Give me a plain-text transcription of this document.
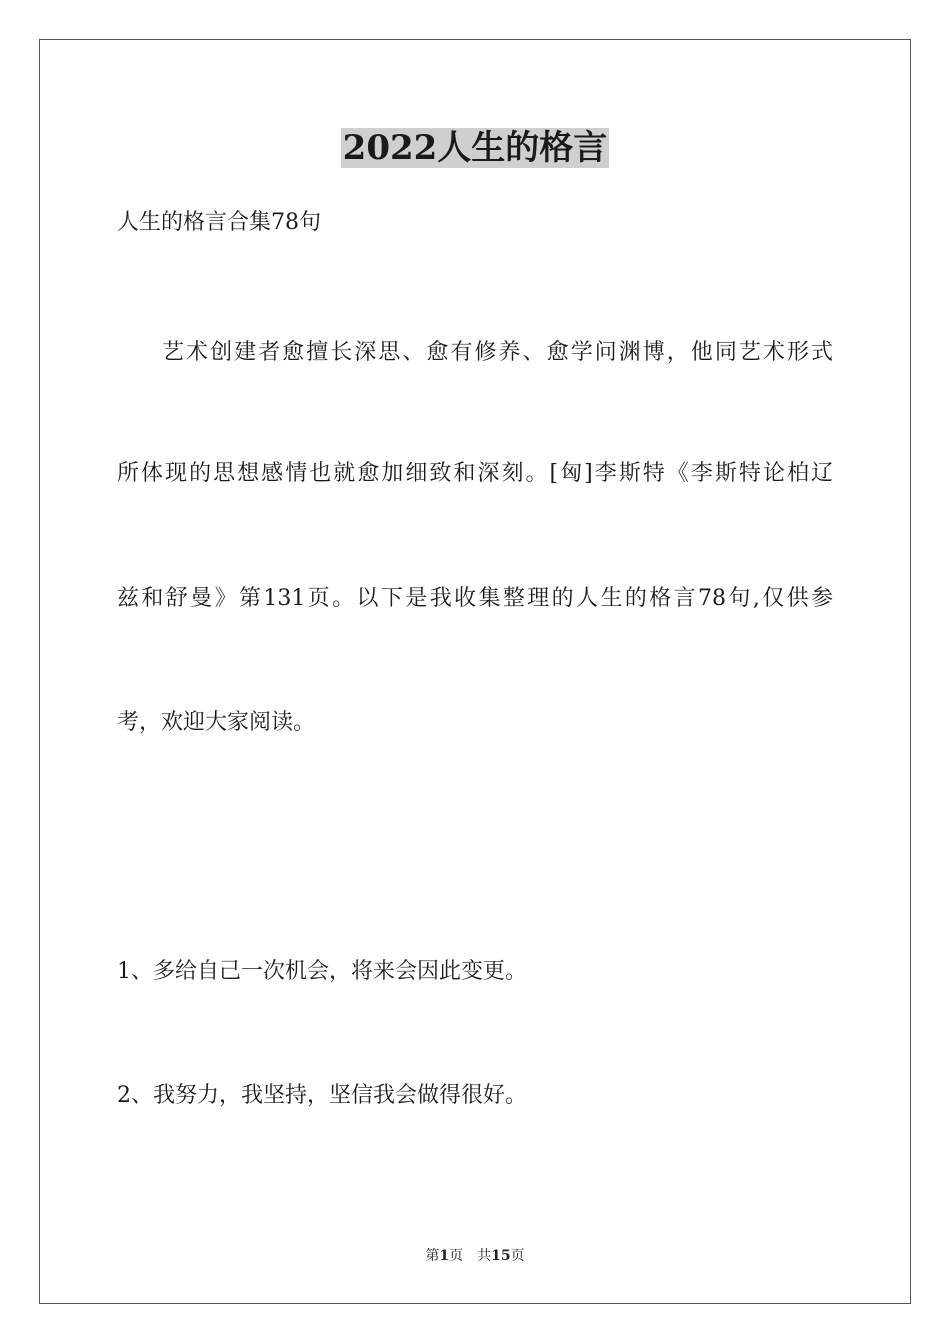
2022人生的格言
人生的格言合集78句
艺术创建者愈擅长深思、愈有修养、愈学问渊博，他同艺术形式
所体现的思想感情也就愈加细致和深刻。[匈]李斯特《李斯特论柏辽
兹和舒曼》第131页。以下是我收集整理的人生的格言78句,仅供参
考，欢迎大家阅读。
1、多给自己一次机会，将来会因此变更。
2、我努力，我坚持，坚信我会做得很好。
第1页 共15页
